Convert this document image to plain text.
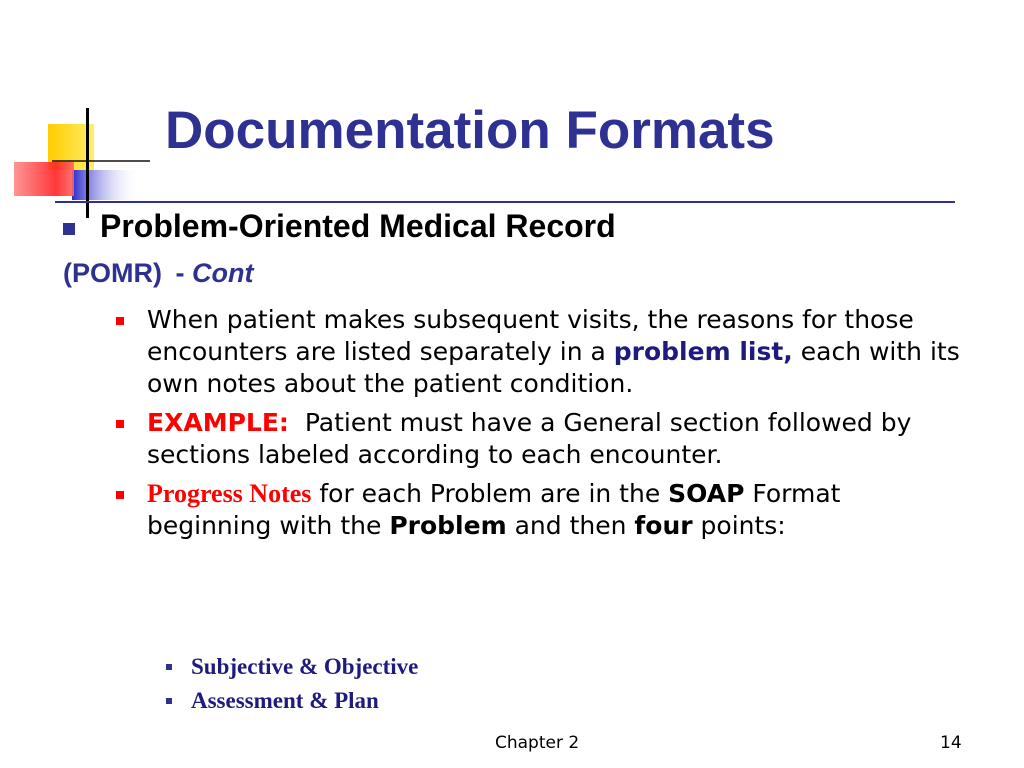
Documentation Formats
Problem-Oriented Medical Record
(POMR) - Cont
When patient makes subsequent visits, the reasons for those encounters are listed separately in a problem list, each with its own notes about the patient condition.
EXAMPLE:  Patient must have a General section followed by sections labeled according to each encounter.
Progress Notes for each Problem are in the SOAP Format beginning with the Problem and then four points:
Subjective & Objective
Assessment & Plan
Chapter 2	14
